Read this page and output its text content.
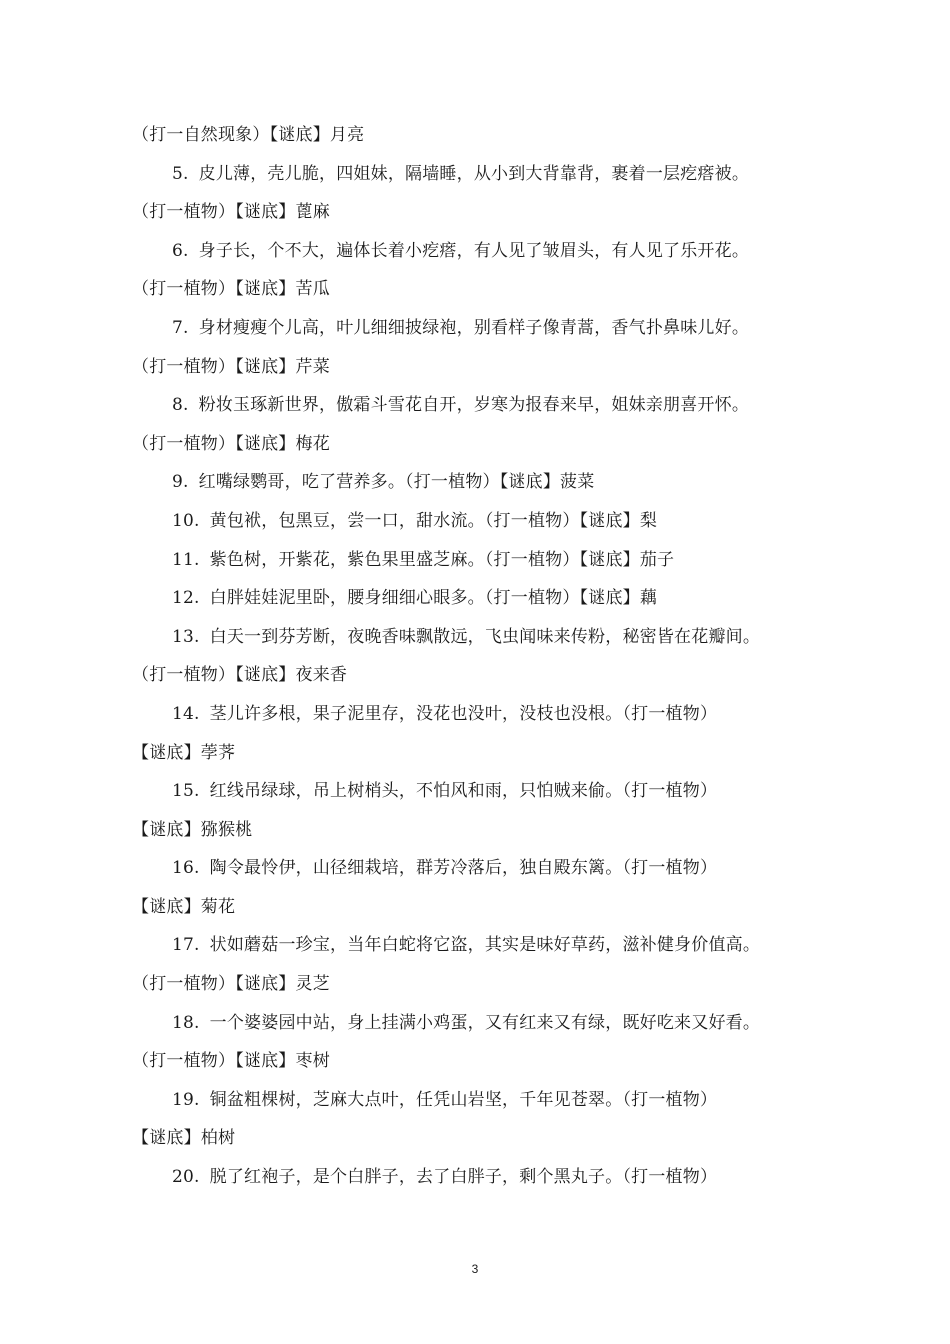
（打一自然现象）【谜底】月亮
5. 皮儿薄，壳儿脆，四姐妹，隔墙睡，从小到大背靠背，裹着一层疙瘩被。
（打一植物）【谜底】蓖麻
6. 身子长，个不大，遍体长着小疙瘩，有人见了皱眉头，有人见了乐开花。
（打一植物）【谜底】苦瓜
7. 身材瘦瘦个儿高，叶儿细细披绿袍，别看样子像青蒿，香气扑鼻味儿好。
（打一植物）【谜底】芹菜
8. 粉妆玉琢新世界，傲霜斗雪花自开，岁寒为报春来早，姐妹亲朋喜开怀。
（打一植物）【谜底】梅花
9. 红嘴绿鹦哥，吃了营养多。（打一植物）【谜底】菠菜
10. 黄包袱，包黑豆，尝一口，甜水流。（打一植物）【谜底】梨
11. 紫色树，开紫花，紫色果里盛芝麻。（打一植物）【谜底】茄子
12. 白胖娃娃泥里卧，腰身细细心眼多。（打一植物）【谜底】藕
13. 白天一到芬芳断，夜晚香味飘散远，飞虫闻味来传粉，秘密皆在花瓣间。
（打一植物）【谜底】夜来香
14. 茎儿许多根，果子泥里存，没花也没叶，没枝也没根。（打一植物）
【谜底】荸荠
15. 红线吊绿球，吊上树梢头，不怕风和雨，只怕贼来偷。（打一植物）
【谜底】猕猴桃
16. 陶令最怜伊，山径细栽培，群芳冷落后，独自殿东篱。（打一植物）
【谜底】菊花
17. 状如蘑菇一珍宝，当年白蛇将它盗，其实是味好草药，滋补健身价值高。
（打一植物）【谜底】灵芝
18. 一个婆婆园中站，身上挂满小鸡蛋，又有红来又有绿，既好吃来又好看。
（打一植物）【谜底】枣树
19. 铜盆粗棵树，芝麻大点叶，任凭山岩坚，千年见苍翠。（打一植物）
【谜底】柏树
20. 脱了红袍子，是个白胖子，去了白胖子，剩个黑丸子。（打一植物）
3
